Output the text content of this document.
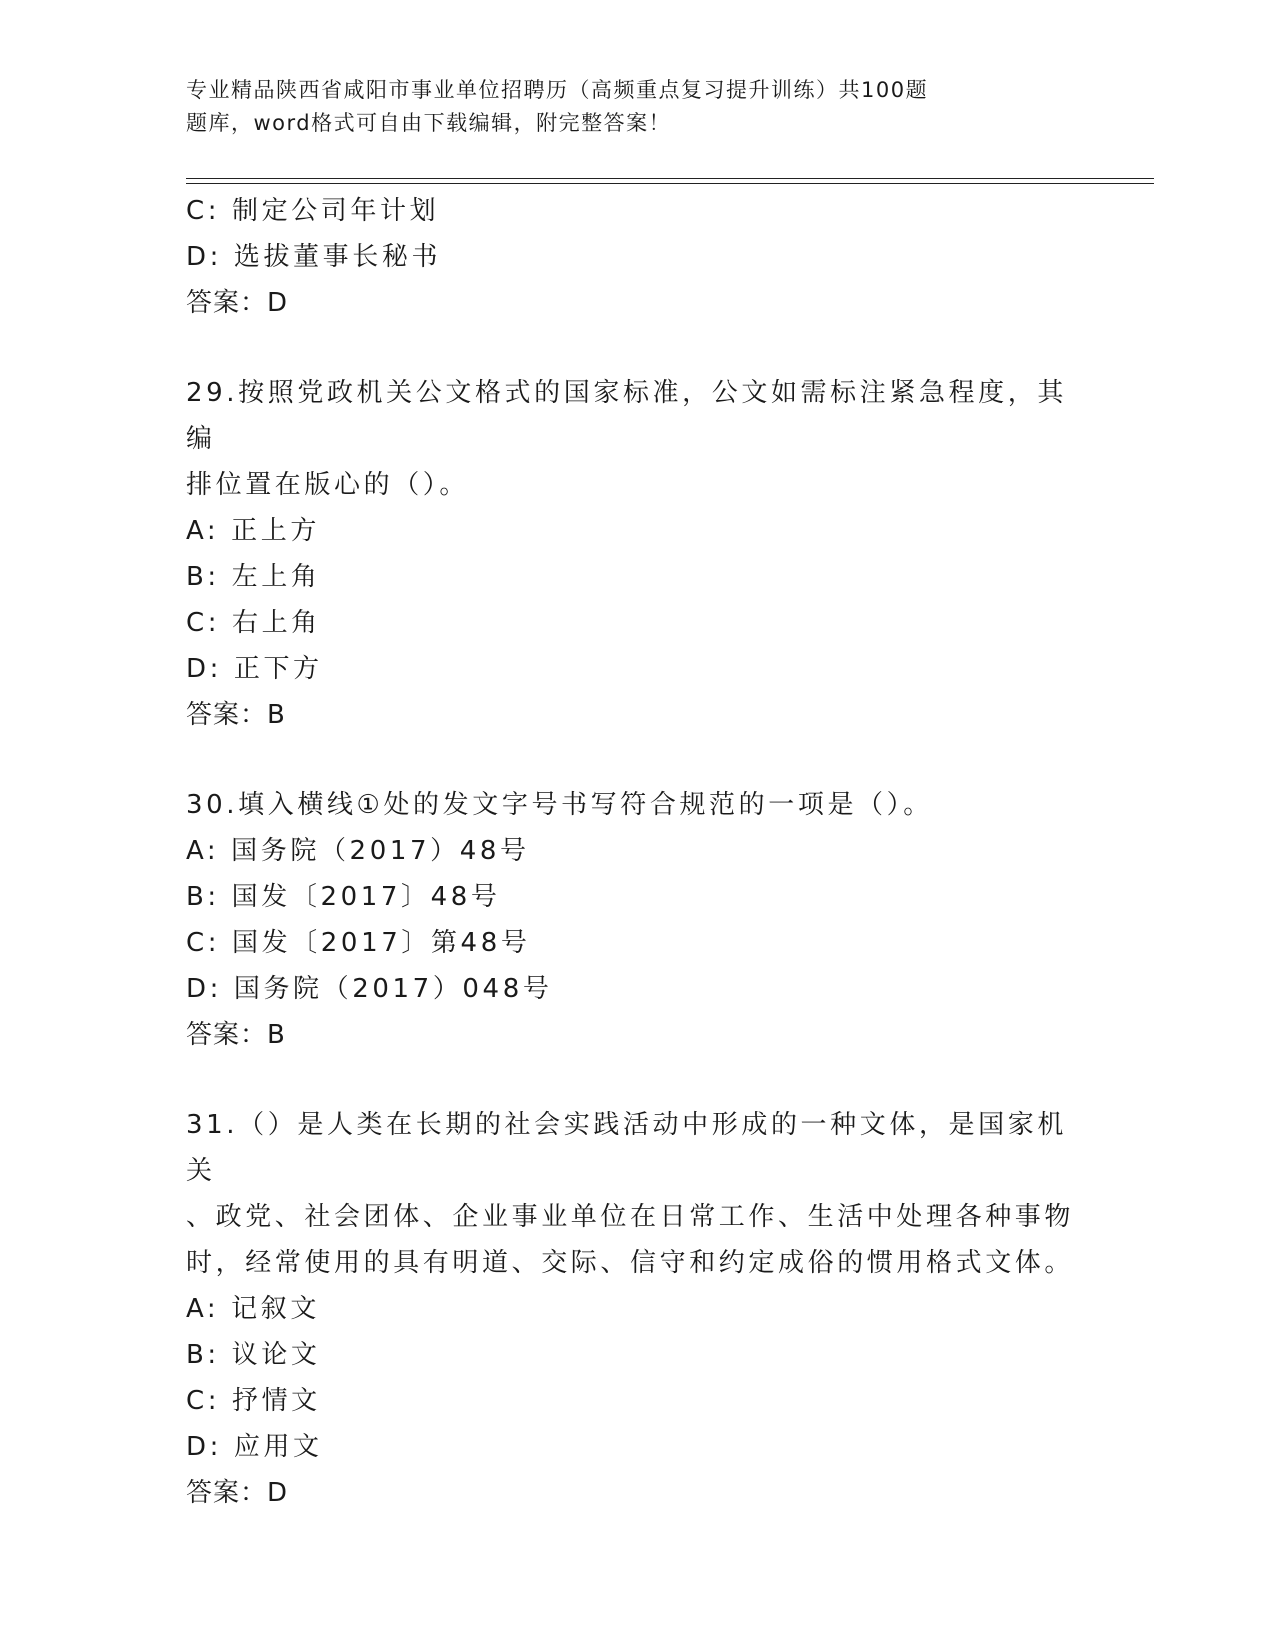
专业精品陕西省咸阳市事业单位招聘历（高频重点复习提升训练）共100题
题库，word格式可自由下载编辑，附完整答案！
C: 制定公司年计划
D: 选拔董事长秘书
答案：D
29.按照党政机关公文格式的国家标准，公文如需标注紧急程度，其编
排位置在版心的（）。
A: 正上方
B: 左上角
C: 右上角
D: 正下方
答案：B
30.填入横线①处的发文字号书写符合规范的一项是（）。
A: 国务院（2017）48号
B: 国发〔2017〕48号
C: 国发〔2017〕第48号
D: 国务院（2017）048号
答案：B
31.（）是人类在长期的社会实践活动中形成的一种文体，是国家机关
、政党、社会团体、企业事业单位在日常工作、生活中处理各种事物
时，经常使用的具有明道、交际、信守和约定成俗的惯用格式文体。
A: 记叙文
B: 议论文
C: 抒情文
D: 应用文
答案：D
